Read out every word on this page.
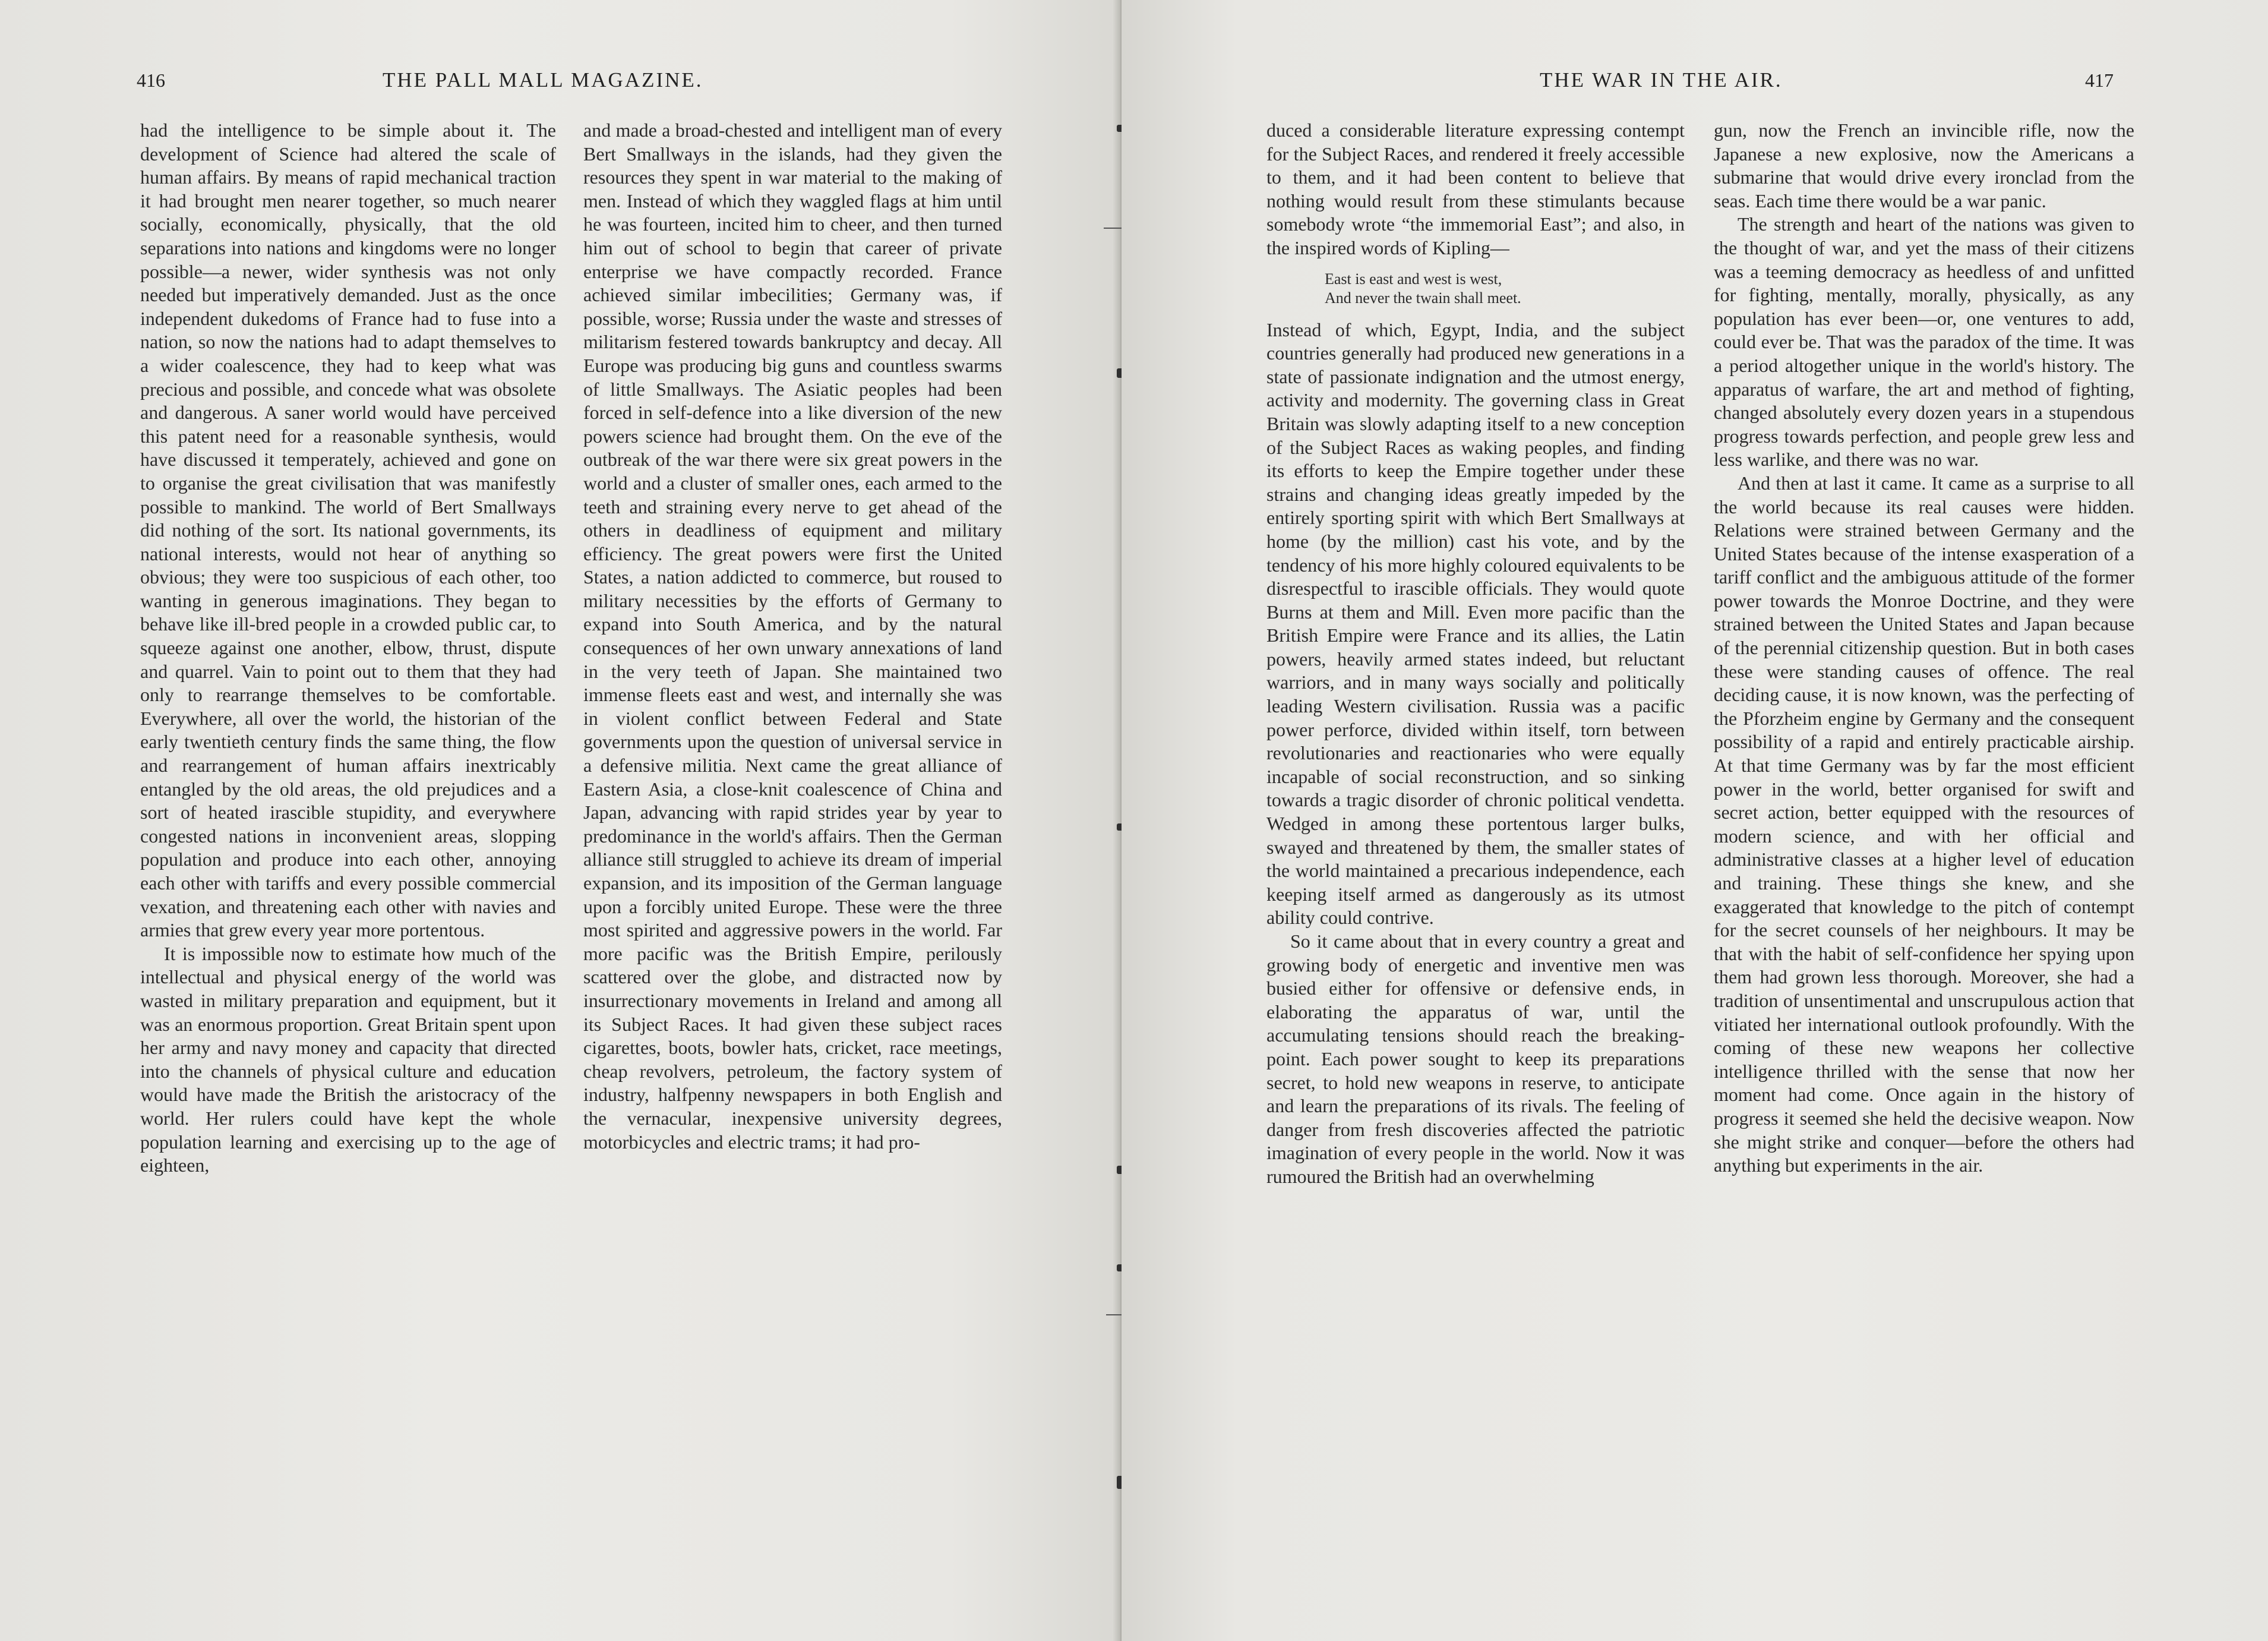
416	THE PALL MALL MAGAZINE.

had the intelligence to be simple about it. The development of Science had altered the scale of human affairs. By means of rapid mechanical traction it had brought men nearer together, so much nearer socially, economically, physically, that the old separations into nations and kingdoms were no longer possible—a newer, wider synthesis was not only needed but imperatively demanded. Just as the once independent dukedoms of France had to fuse into a nation, so now the nations had to adapt themselves to a wider coalescence, they had to keep what was precious and possible, and concede what was obsolete and dangerous. A saner world would have perceived this patent need for a reasonable synthesis, would have discussed it temperately, achieved and gone on to organise the great civilisation that was manifestly possible to mankind. The world of Bert Smallways did nothing of the sort. Its national governments, its national interests, would not hear of anything so obvious; they were too suspicious of each other, too wanting in generous imaginations. They began to behave like ill-bred people in a crowded public car, to squeeze against one another, elbow, thrust, dispute and quarrel. Vain to point out to them that they had only to rearrange themselves to be comfortable. Everywhere, all over the world, the historian of the early twentieth century finds the same thing, the flow and rearrangement of human affairs inextricably entangled by the old areas, the old prejudices and a sort of heated irascible stupidity, and everywhere congested nations in inconvenient areas, slopping population and produce into each other, annoying each other with tariffs and every possible commercial vexation, and threatening each other with navies and armies that grew every year more portentous.

It is impossible now to estimate how much of the intellectual and physical energy of the world was wasted in military preparation and equipment, but it was an enormous proportion. Great Britain spent upon her army and navy money and capacity that directed into the channels of physical culture and education would have made the British the aristocracy of the world. Her rulers could have kept the whole population learning and exercising up to the age of eighteen,

and made a broad-chested and intelligent man of every Bert Smallways in the islands, had they given the resources they spent in war material to the making of men. Instead of which they waggled flags at him until he was fourteen, incited him to cheer, and then turned him out of school to begin that career of private enterprise we have compactly recorded. France achieved similar imbecilities; Germany was, if possible, worse; Russia under the waste and stresses of militarism festered towards bankruptcy and decay. All Europe was producing big guns and countless swarms of little Smallways. The Asiatic peoples had been forced in self-defence into a like diversion of the new powers science had brought them. On the eve of the outbreak of the war there were six great powers in the world and a cluster of smaller ones, each armed to the teeth and straining every nerve to get ahead of the others in deadliness of equipment and military efficiency. The great powers were first the United States, a nation addicted to commerce, but roused to military necessities by the efforts of Germany to expand into South America, and by the natural consequences of her own unwary annexations of land in the very teeth of Japan. She maintained two immense fleets east and west, and internally she was in violent conflict between Federal and State governments upon the question of universal service in a defensive militia. Next came the great alliance of Eastern Asia, a close-knit coalescence of China and Japan, advancing with rapid strides year by year to predominance in the world's affairs. Then the German alliance still struggled to achieve its dream of imperial expansion, and its imposition of the German language upon a forcibly united Europe. These were the three most spirited and aggressive powers in the world. Far more pacific was the British Empire, perilously scattered over the globe, and distracted now by insurrectionary movements in Ireland and among all its Subject Races. It had given these subject races cigarettes, boots, bowler hats, cricket, race meetings, cheap revolvers, petroleum, the factory system of industry, halfpenny newspapers in both English and the vernacular, inexpensive university degrees, motorbicycles and electric trams; it had pro-

THE WAR IN THE AIR.	417

duced a considerable literature expressing contempt for the Subject Races, and rendered it freely accessible to them, and it had been content to believe that nothing would result from these stimulants because somebody wrote “the immemorial East”; and also, in the inspired words of Kipling—

East is east and west is west,
And never the twain shall meet.

Instead of which, Egypt, India, and the subject countries generally had produced new generations in a state of passionate indignation and the utmost energy, activity and modernity. The governing class in Great Britain was slowly adapting itself to a new conception of the Subject Races as waking peoples, and finding its efforts to keep the Empire together under these strains and changing ideas greatly impeded by the entirely sporting spirit with which Bert Smallways at home (by the million) cast his vote, and by the tendency of his more highly coloured equivalents to be disrespectful to irascible officials. They would quote Burns at them and Mill. Even more pacific than the British Empire were France and its allies, the Latin powers, heavily armed states indeed, but reluctant warriors, and in many ways socially and politically leading Western civilisation. Russia was a pacific power perforce, divided within itself, torn between revolutionaries and reactionaries who were equally incapable of social reconstruction, and so sinking towards a tragic disorder of chronic political vendetta. Wedged in among these portentous larger bulks, swayed and threatened by them, the smaller states of the world maintained a precarious independence, each keeping itself armed as dangerously as its utmost ability could contrive.

So it came about that in every country a great and growing body of energetic and inventive men was busied either for offensive or defensive ends, in elaborating the apparatus of war, until the accumulating tensions should reach the breaking-point. Each power sought to keep its preparations secret, to hold new weapons in reserve, to anticipate and learn the preparations of its rivals. The feeling of danger from fresh discoveries affected the patriotic imagination of every people in the world. Now it was rumoured the British had an overwhelming

gun, now the French an invincible rifle, now the Japanese a new explosive, now the Americans a submarine that would drive every ironclad from the seas. Each time there would be a war panic.

The strength and heart of the nations was given to the thought of war, and yet the mass of their citizens was a teeming democracy as heedless of and unfitted for fighting, mentally, morally, physically, as any population has ever been—or, one ventures to add, could ever be. That was the paradox of the time. It was a period altogether unique in the world's history. The apparatus of warfare, the art and method of fighting, changed absolutely every dozen years in a stupendous progress towards perfection, and people grew less and less warlike, and there was no war.

And then at last it came. It came as a surprise to all the world because its real causes were hidden. Relations were strained between Germany and the United States because of the intense exasperation of a tariff conflict and the ambiguous attitude of the former power towards the Monroe Doctrine, and they were strained between the United States and Japan because of the perennial citizenship question. But in both cases these were standing causes of offence. The real deciding cause, it is now known, was the perfecting of the Pforzheim engine by Germany and the consequent possibility of a rapid and entirely practicable airship. At that time Germany was by far the most efficient power in the world, better organised for swift and secret action, better equipped with the resources of modern science, and with her official and administrative classes at a higher level of education and training. These things she knew, and she exaggerated that knowledge to the pitch of contempt for the secret counsels of her neighbours. It may be that with the habit of self-confidence her spying upon them had grown less thorough. Moreover, she had a tradition of unsentimental and unscrupulous action that vitiated her international outlook profoundly. With the coming of these new weapons her collective intelligence thrilled with the sense that now her moment had come. Once again in the history of progress it seemed she held the decisive weapon. Now she might strike and conquer—before the others had anything but experiments in the air.
